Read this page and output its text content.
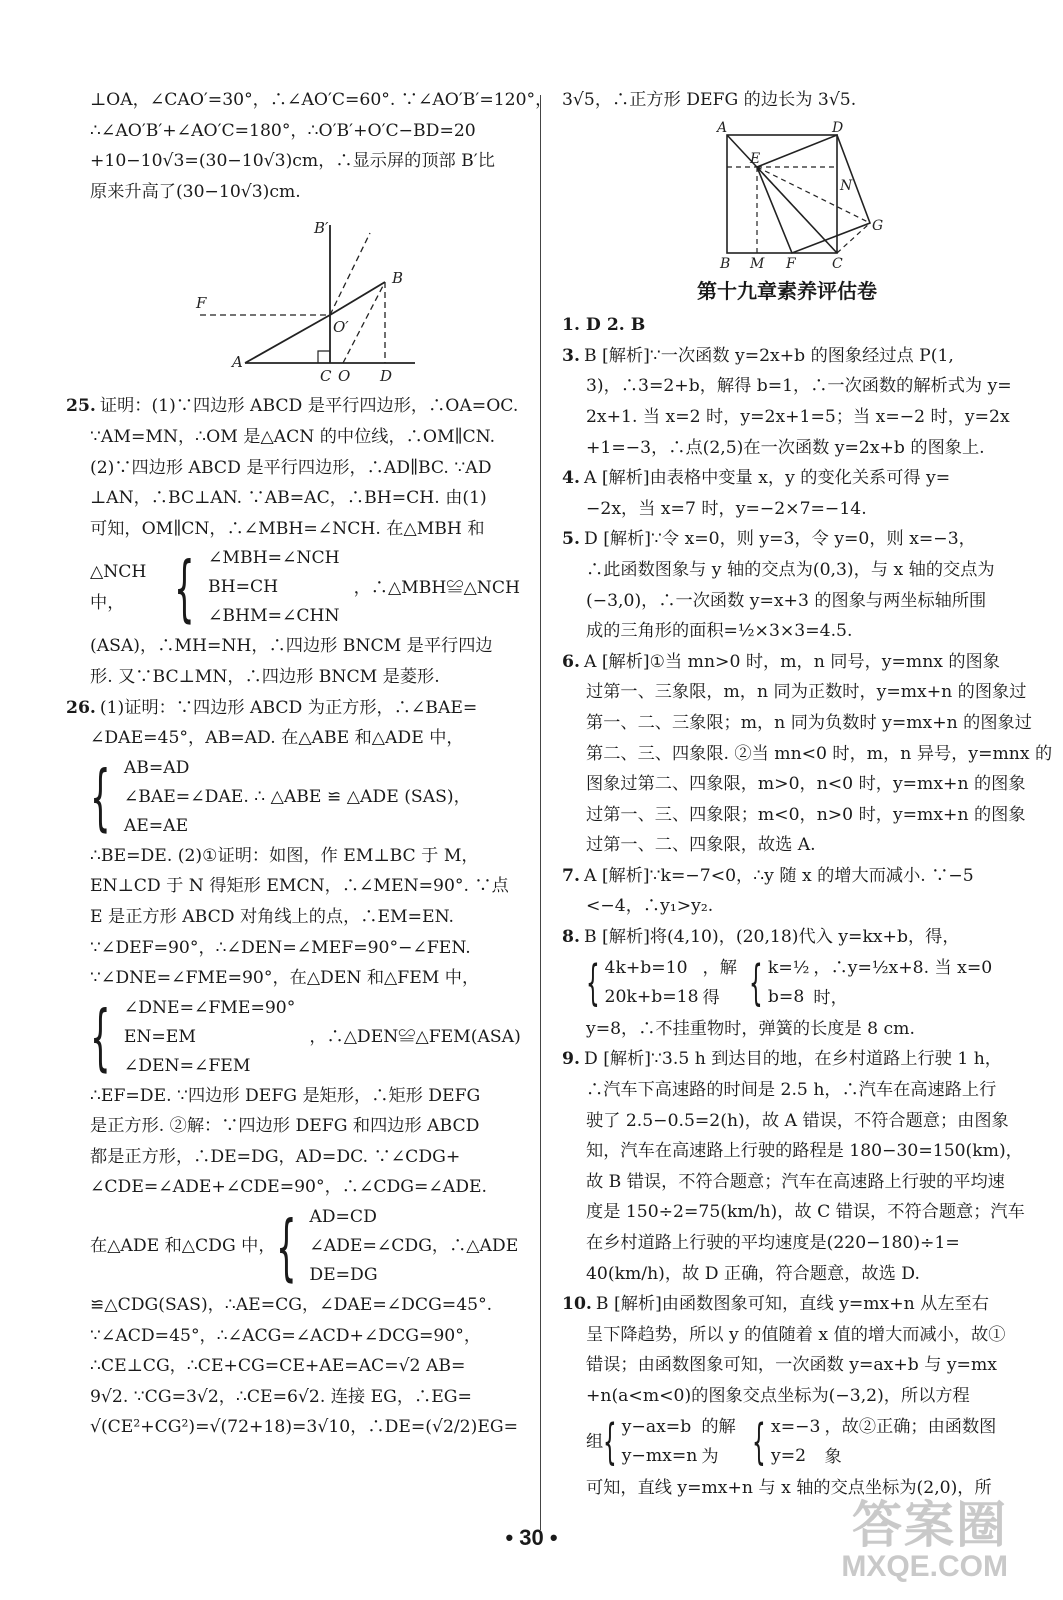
⊥OA，∠CAO′=30°，∴∠AO′C=60°. ∵∠AO′B′=120°，

∴∠AO′B′+∠AO′C=180°，∴O′B′+O′C−BD=20

+10−10√3=(30−10√3)cm，∴显示屏的顶部 B′比

原来升高了(30−10√3)cm.

B′
B
F
O′
A
C O D

25. 证明：(1)∵四边形 ABCD 是平行四边形，∴OA=OC.

∵AM=MN，∴OM 是△ACN 的中位线，∴OM∥CN.

(2)∵四边形 ABCD 是平行四边形，∴AD∥BC. ∵AD

⊥AN，∴BC⊥AN. ∵AB=AC，∴BH=CH. 由(1)

可知，OM∥CN，∴∠MBH=∠NCH. 在△MBH 和

△NCH 中， { ∠MBH=∠NCH
BH=CH
∠BHM=∠CHN
，∴△MBH≌△NCH

(ASA)，∴MH=NH，∴四边形 BNCM 是平行四边

形. 又∵BC⊥MN，∴四边形 BNCM 是菱形.

26. (1)证明：∵四边形 ABCD 为正方形，∴∠BAE=

∠DAE=45°，AB=AD. 在△ABE 和△ADE 中，

{ AB=AD
∠BAE=∠DAE. ∴ △ABE ≌ △ADE (SAS)，
AE=AE

∴BE=DE. (2)①证明：如图，作 EM⊥BC 于 M，

EN⊥CD 于 N 得矩形 EMCN，∴∠MEN=90°. ∵点

E 是正方形 ABCD 对角线上的点，∴EM=EN.

∵∠DEF=90°，∴∠DEN=∠MEF=90°−∠FEN.

∵∠DNE=∠FME=90°，在△DEN 和△FEM 中，

{ ∠DNE=∠FME=90°
EN=EM
∠DEN=∠FEM
，∴△DEN≌△FEM(ASA)

∴EF=DE. ∵四边形 DEFG 是矩形，∴矩形 DEFG

是正方形. ②解：∵四边形 DEFG 和四边形 ABCD

都是正方形，∴DE=DG，AD=DC. ∵∠CDG+

∠CDE=∠ADE+∠CDE=90°，∴∠CDG=∠ADE.

在△ADE 和△CDG 中， { AD=CD
∠ADE=∠CDG，∴△ADE
DE=DG

≌△CDG(SAS)，∴AE=CG，∠DAE=∠DCG=45°.

∵∠ACD=45°，∴∠ACG=∠ACD+∠DCG=90°，

∴CE⊥CG，∴CE+CG=CE+AE=AC=√2 AB=

9√2. ∵CG=3√2，∴CE=6√2. 连接 EG，∴EG=

√(CE²+CG²)=√(72+18)=3√10，∴DE=(√2/2)EG=

3√5，∴正方形 DEFG 的边长为 3√5.

A	D
E
N
G
B M F	C
第十九章素养评估卷

1. D 2. B

3. B [解析]∵一次函数 y=2x+b 的图象经过点 P(1,

3)，∴3=2+b，解得 b=1，∴一次函数的解析式为 y=

2x+1. 当 x=2 时，y=2x+1=5；当 x=−2 时，y=2x

+1=−3，∴点(2,5)在一次函数 y=2x+b 的图象上.

4. A [解析]由表格中变量 x，y 的变化关系可得 y=

−2x，当 x=7 时，y=−2×7=−14.

5. D [解析]∵令 x=0，则 y=3，令 y=0，则 x=−3，

∴此函数图象与 y 轴的交点为(0,3)，与 x 轴的交点为

(−3,0)，∴一次函数 y=x+3 的图象与两坐标轴所围

成的三角形的面积=½×3×3=4.5.

6. A [解析]①当 mn>0 时，m，n 同号，y=mnx 的图象

过第一、三象限，m，n 同为正数时，y=mx+n 的图象过

第一、二、三象限；m，n 同为负数时 y=mx+n 的图象过

第二、三、四象限. ②当 mn<0 时，m，n 异号，y=mnx 的

图象过第二、四象限，m>0，n<0 时，y=mx+n 的图象

过第一、三、四象限；m<0，n>0 时，y=mx+n 的图象

过第一、二、四象限，故选 A.

7. A [解析]∵k=−7<0，∴y 随 x 的增大而减小. ∵−5

<−4，∴y₁>y₂.

8. B [解析]将(4,10)，(20,18)代入 y=kx+b，得，

{ 4k+b=10
20k+b=18
，解得 { k=½
b=8
，∴y=½x+8. 当 x=0 时，

y=8，∴不挂重物时，弹簧的长度是 8 cm.

9. D [解析]∵3.5 h 到达目的地，在乡村道路上行驶 1 h，

∴汽车下高速路的时间是 2.5 h，∴汽车在高速路上行

驶了 2.5−0.5=2(h)，故 A 错误，不符合题意；由图象

知，汽车在高速路上行驶的路程是 180−30=150(km)，

故 B 错误，不符合题意；汽车在高速路上行驶的平均速

度是 150÷2=75(km/h)，故 C 错误，不符合题意；汽车

在乡村道路上行驶的平均速度是(220−180)÷1=

40(km/h)，故 D 正确，符合题意，故选 D.

10. B [解析]由函数图象可知，直线 y=mx+n 从左至右

呈下降趋势，所以 y 的值随着 x 值的增大而减小，故①

错误；由函数图象可知，一次函数 y=ax+b 与 y=mx

+n(a<m<0)的图象交点坐标为(−3,2)，所以方程

组 { y−ax=b
y−mx=n
的解为 { x=−3
y=2
，故②正确；由函数图象

可知，直线 y=mx+n 与 x 轴的交点坐标为(2,0)，所

• 30 •	答案圈
MXQE.COM
